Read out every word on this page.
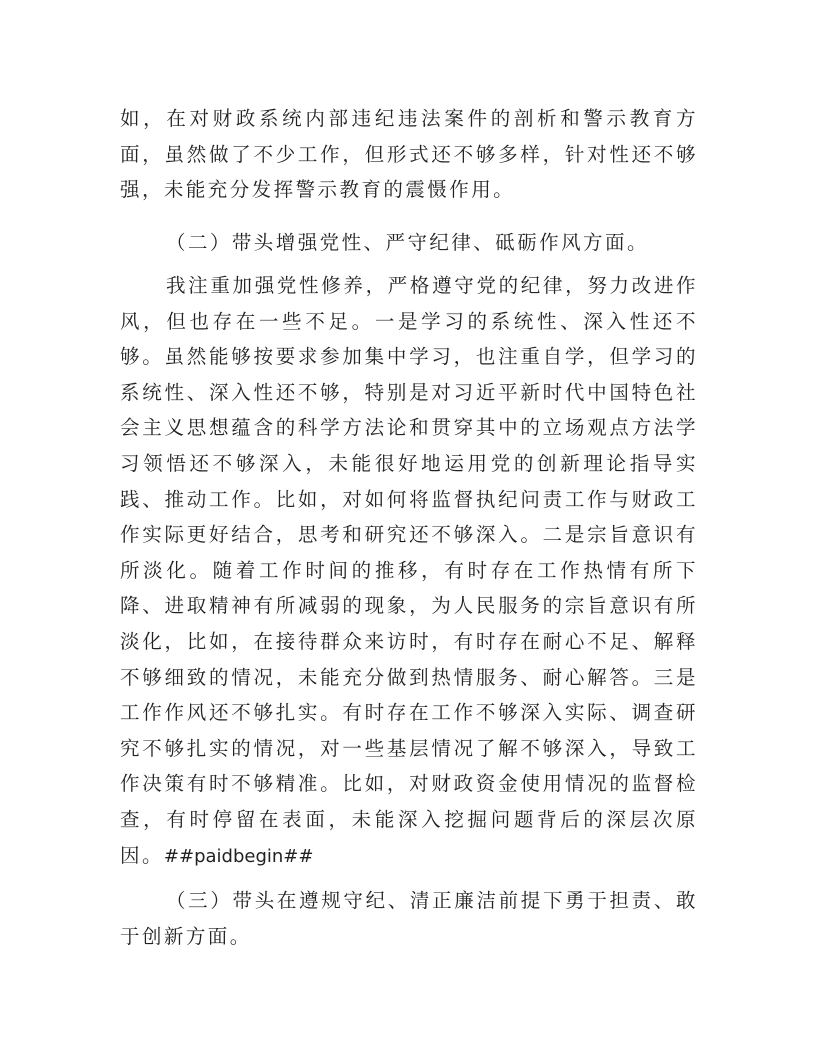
如，在对财政系统内部违纪违法案件的剖析和警示教育方面，虽然做了不少工作，但形式还不够多样，针对性还不够强，未能充分发挥警示教育的震慑作用。

（二）带头增强党性、严守纪律、砥砺作风方面。

我注重加强党性修养，严格遵守党的纪律，努力改进作风，但也存在一些不足。一是学习的系统性、深入性还不够。虽然能够按要求参加集中学习，也注重自学，但学习的系统性、深入性还不够，特别是对习近平新时代中国特色社会主义思想蕴含的科学方法论和贯穿其中的立场观点方法学习领悟还不够深入，未能很好地运用党的创新理论指导实践、推动工作。比如，对如何将监督执纪问责工作与财政工作实际更好结合，思考和研究还不够深入。二是宗旨意识有所淡化。随着工作时间的推移，有时存在工作热情有所下降、进取精神有所减弱的现象，为人民服务的宗旨意识有所淡化，比如，在接待群众来访时，有时存在耐心不足、解释不够细致的情况，未能充分做到热情服务、耐心解答。三是工作作风还不够扎实。有时存在工作不够深入实际、调查研究不够扎实的情况，对一些基层情况了解不够深入，导致工作决策有时不够精准。比如，对财政资金使用情况的监督检查，有时停留在表面，未能深入挖掘问题背后的深层次原因。##paidbegin##

（三）带头在遵规守纪、清正廉洁前提下勇于担责、敢于创新方面。
